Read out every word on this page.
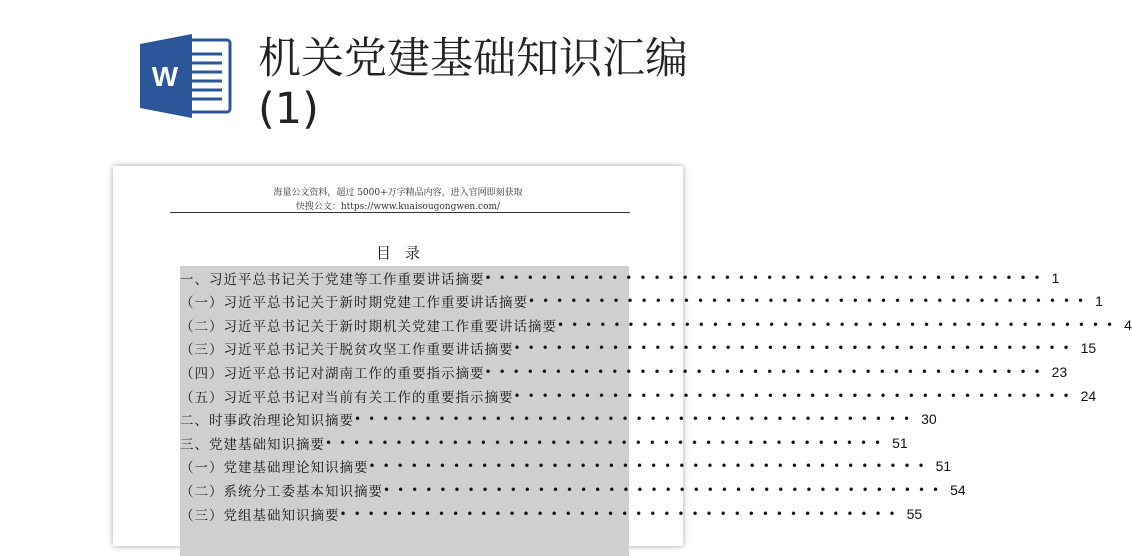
W 机关党建基础知识汇编(1)
海量公文资料，超过 5000+万字精品内容，进入官网即刻获取
快搜公文：https://www.kuaisougongwen.com/
目录
一、习近平总书记关于党建等工作重要讲话摘要 •••••••••••••••••••••••••••••••••••••••• 1
（一）习近平总书记关于新时期党建工作重要讲话摘要 •••••••••••••••••••••••••••••••••••••••• 1
（二）习近平总书记关于新时期机关党建工作重要讲话摘要 •••••••••••••••••••••••••••••••••••••••• 4
（三）习近平总书记关于脱贫攻坚工作重要讲话摘要 •••••••••••••••••••••••••••••••••••••••• 15
（四）习近平总书记对湖南工作的重要指示摘要 •••••••••••••••••••••••••••••••••••••••• 23
（五）习近平总书记对当前有关工作的重要指示摘要 •••••••••••••••••••••••••••••••••••••••• 24
二、时事政治理论知识摘要 •••••••••••••••••••••••••••••••••••••••• 30
三、党建基础知识摘要 •••••••••••••••••••••••••••••••••••••••• 51
（一）党建基础理论知识摘要 •••••••••••••••••••••••••••••••••••••••• 51
（二）系统分工委基本知识摘要 •••••••••••••••••••••••••••••••••••••••• 54
（三）党组基础知识摘要 •••••••••••••••••••••••••••••••••••••••• 55
